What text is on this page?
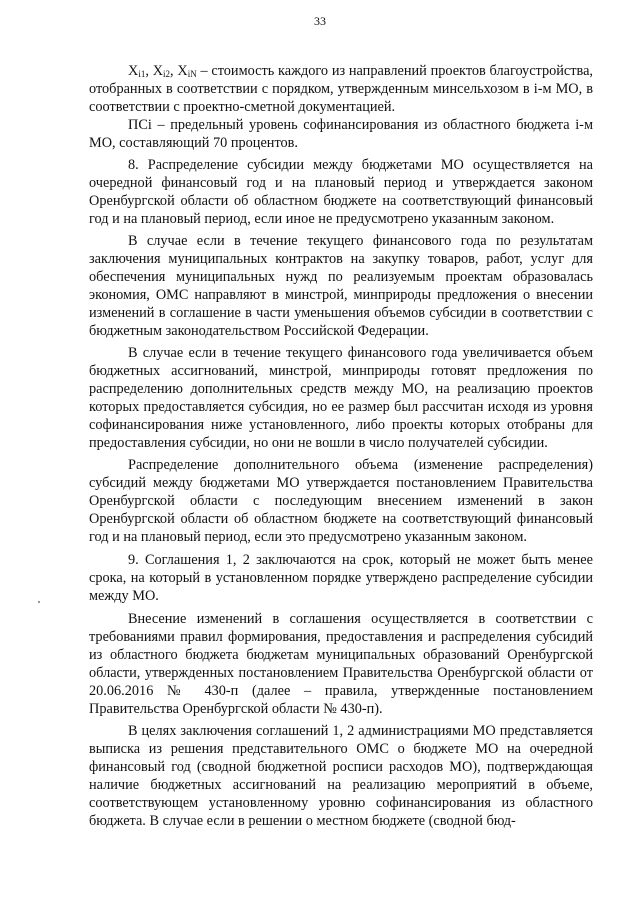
33

$X_{i1}$, $X_{i2}$, $X_{iN}$ – стоимость каждого из направлений проектов благоустройства, отобранных в соответствии с порядком, утвержденным минсельхозом в i-м МО, в соответствии с проектно-сметной документацией.

ПСi – предельный уровень софинансирования из областного бюджета i-м МО, составляющий 70 процентов.

8. Распределение субсидии между бюджетами МО осуществляется на очередной финансовый год и на плановый период и утверждается законом Оренбургской области об областном бюджете на соответствующий финансовый год и на плановый период, если иное не предусмотрено указанным законом.

В случае если в течение текущего финансового года по результатам заключения муниципальных контрактов на закупку товаров, работ, услуг для обеспечения муниципальных нужд по реализуемым проектам образовалась экономия, ОМС направляют в минстрой, минприроды предложения о внесении изменений в соглашение в части уменьшения объемов субсидии в соответствии с бюджетным законодательством Российской Федерации.

В случае если в течение текущего финансового года увеличивается объем бюджетных ассигнований, минстрой, минприроды готовят предложения по распределению дополнительных средств между МО, на реализацию проектов которых предоставляется субсидия, но ее размер был рассчитан исходя из уровня софинансирования ниже установленного, либо проекты которых отобраны для предоставления субсидии, но они не вошли в число получателей субсидии.

Распределение дополнительного объема (изменение распределения) субсидий между бюджетами МО утверждается постановлением Правительства Оренбургской области с последующим внесением изменений в закон Оренбургской области об областном бюджете на соответствующий финансовый год и на плановый период, если это предусмотрено указанным законом.

9. Соглашения 1, 2 заключаются на срок, который не может быть менее срока, на который в установленном порядке утверждено распределение субсидии между МО.

Внесение изменений в соглашения осуществляется в соответствии с требованиями правил формирования, предоставления и распределения субсидий из областного бюджета бюджетам муниципальных образований Оренбургской области, утвержденных постановлением Правительства Оренбургской области от 20.06.2016 № 430-п (далее – правила, утвержденные постановлением Правительства Оренбургской области № 430-п).

В целях заключения соглашений 1, 2 администрациями МО представляется выписка из решения представительного ОМС о бюджете МО на очередной финансовый год (сводной бюджетной росписи расходов МО), подтверждающая наличие бюджетных ассигнований на реализацию мероприятий в объеме, соответствующем установленному уровню софинансирования из областного бюджета. В случае если в решении о местном бюджете (сводной бюд-
